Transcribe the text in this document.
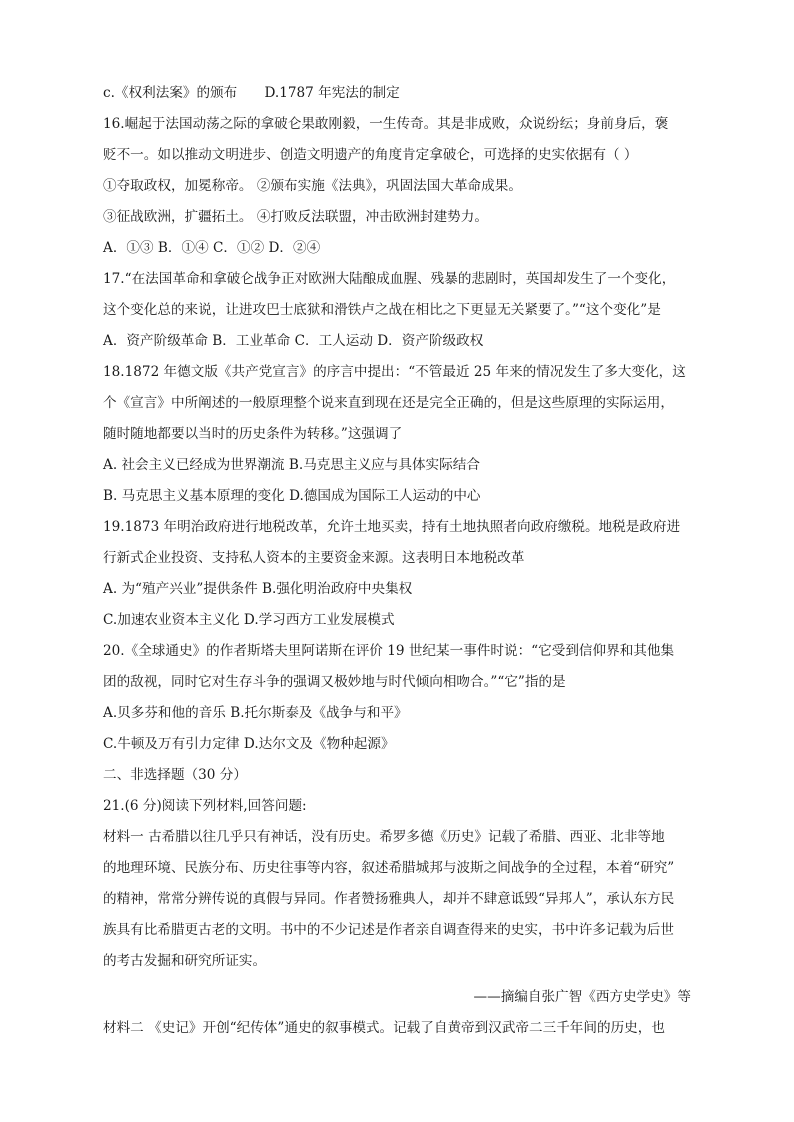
c.《权利法案》的颁布　　D.1787 年宪法的制定
16.崛起于法国动荡之际的拿破仑果敢刚毅，一生传奇。其是非成败，众说纷纭；身前身后，褒
贬不一。如以推动文明进步、创造文明遗产的角度肯定拿破仑，可选择的史实依据有（ ）
①夺取政权，加冕称帝。 ②颁布实施《法典》，巩固法国大革命成果。
③征战欧洲，扩疆拓土。 ④打败反法联盟，冲击欧洲封建势力。
A．①③ B．①④ C．①② D．②④
17.“在法国革命和拿破仑战争正对欧洲大陆酿成血腥、残暴的悲剧时，英国却发生了一个变化，
这个变化总的来说，让进攻巴士底狱和滑铁卢之战在相比之下更显无关紧要了。”“这个变化”是
A．资产阶级革命 B．工业革命 C．工人运动 D．资产阶级政权
18.1872 年德文版《共产党宣言》的序言中提出：“不管最近 25 年来的情况发生了多大变化，这
个《宣言》中所阐述的一般原理整个说来直到现在还是完全正确的，但是这些原理的实际运用，
随时随地都要以当时的历史条件为转移。”这强调了
A. 社会主义已经成为世界潮流 B.马克思主义应与具体实际结合
B. 马克思主义基本原理的变化 D.德国成为国际工人运动的中心
19.1873 年明治政府进行地税改革，允许土地买卖，持有土地执照者向政府缴税。地税是政府进
行新式企业投资、支持私人资本的主要资金来源。这表明日本地税改革
A. 为“殖产兴业”提供条件 B.强化明治政府中央集权
C.加速农业资本主义化 D.学习西方工业发展模式
20.《全球通史》的作者斯塔夫里阿诺斯在评价 19 世纪某一事件时说：“它受到信仰界和其他集
团的敌视，同时它对生存斗争的强调又极妙地与时代倾向相吻合。”“它”指的是
A.贝多芬和他的音乐 B.托尔斯泰及《战争与和平》
C.牛顿及万有引力定律 D.达尔文及《物种起源》
二、非选择题（30 分）
21.(6 分)阅读下列材料,回答问题:
材料一 古希腊以往几乎只有神话，没有历史。希罗多德《历史》记载了希腊、西亚、北非等地
的地理环境、民族分布、历史往事等内容，叙述希腊城邦与波斯之间战争的全过程，本着“研究”
的精神，常常分辨传说的真假与异同。作者赞扬雅典人，却并不肆意诋毁“异邦人”，承认东方民
族具有比希腊更古老的文明。书中的不少记述是作者亲自调查得来的史实，书中许多记载为后世
的考古发掘和研究所证实。
——摘编自张广智《西方史学史》等
材料二 《史记》开创“纪传体”通史的叙事模式。记载了自黄帝到汉武帝二三千年间的历史，也
